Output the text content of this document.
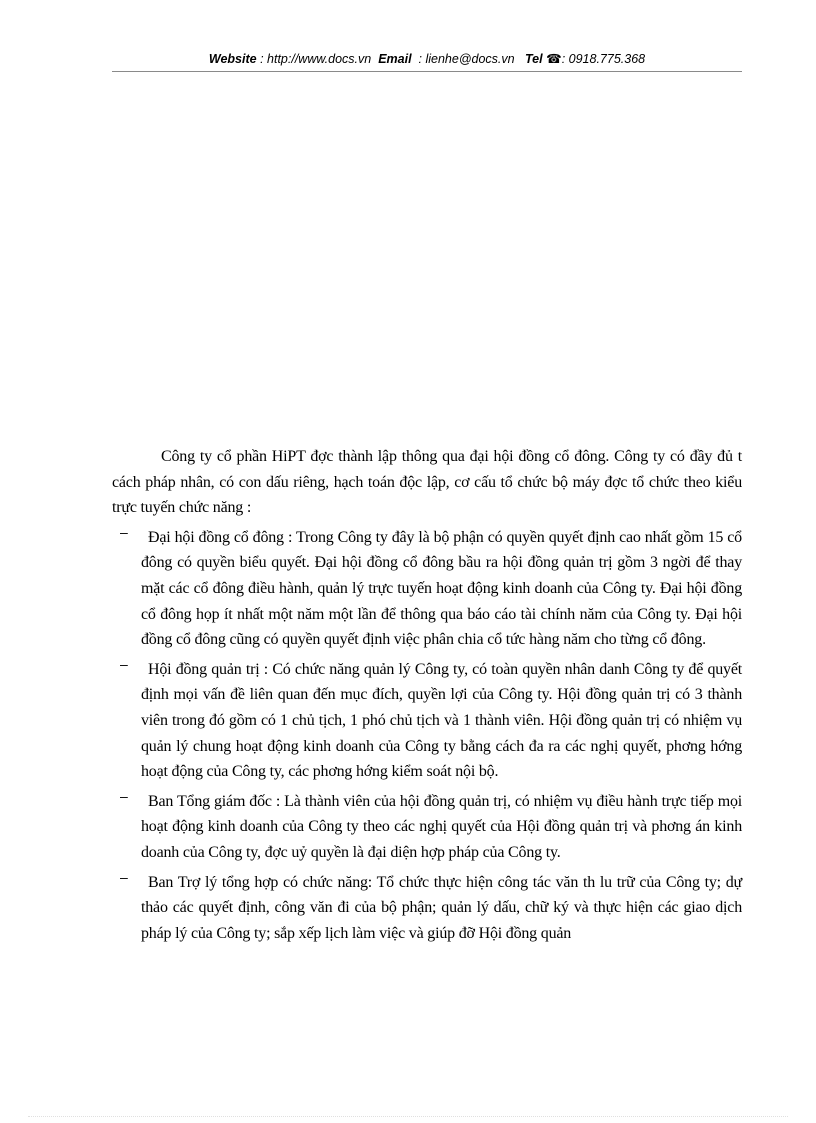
Website : http://www.docs.vn Email : lienhe@docs.vn Tel ☎: 0918.775.368

Công ty cổ phần HiPT đợc thành lập thông qua đại hội đồng cổ đông. Công ty có đầy đủ t cách pháp nhân, có con dấu riêng, hạch toán độc lập, cơ cấu tổ chức bộ máy đợc tổ chức theo kiểu trực tuyến chức năng :

–	Đại hội đồng cổ đông : Trong Công ty đây là bộ phận có quyền quyết định cao nhất gồm 15 cổ đông có quyền biểu quyết. Đại hội đồng cổ đông bầu ra hội đồng quản trị gồm 3 ngời để thay mặt các cổ đông điều hành, quản lý trực tuyến hoạt động kinh doanh của Công ty. Đại hội đồng cổ đông họp ít nhất một năm một lần để thông qua báo cáo tài chính năm của Công ty. Đại hội đồng cổ đông cũng có quyền quyết định việc phân chia cổ tức hàng năm cho từng cổ đông.
–	Hội đồng quản trị : Có chức năng quản lý Công ty, có toàn quyền nhân danh Công ty để quyết định mọi vấn đề liên quan đến mục đích, quyền lợi của Công ty. Hội đồng quản trị có 3 thành viên trong đó gồm có 1 chủ tịch, 1 phó chủ tịch và 1 thành viên. Hội đồng quản trị có nhiệm vụ quản lý chung hoạt động kinh doanh của Công ty bằng cách đa ra các nghị quyết, phơng hớng hoạt động của Công ty, các phơng hớng kiểm soát nội bộ.
–	Ban Tổng giám đốc : Là thành viên của hội đồng quản trị, có nhiệm vụ điều hành trực tiếp mọi hoạt động kinh doanh của Công ty theo các nghị quyết của Hội đồng quản trị và phơng án kinh doanh của Công ty, đợc uỷ quyền là đại diện hợp pháp của Công ty.
–	Ban Trợ lý tổng hợp có chức năng: Tổ chức thực hiện công tác văn th lu trữ của Công ty; dự thảo các quyết định, công văn đi của bộ phận; quản lý dấu, chữ ký và thực hiện các giao dịch pháp lý của Công ty; sắp xếp lịch làm việc và giúp đỡ Hội đồng quản
